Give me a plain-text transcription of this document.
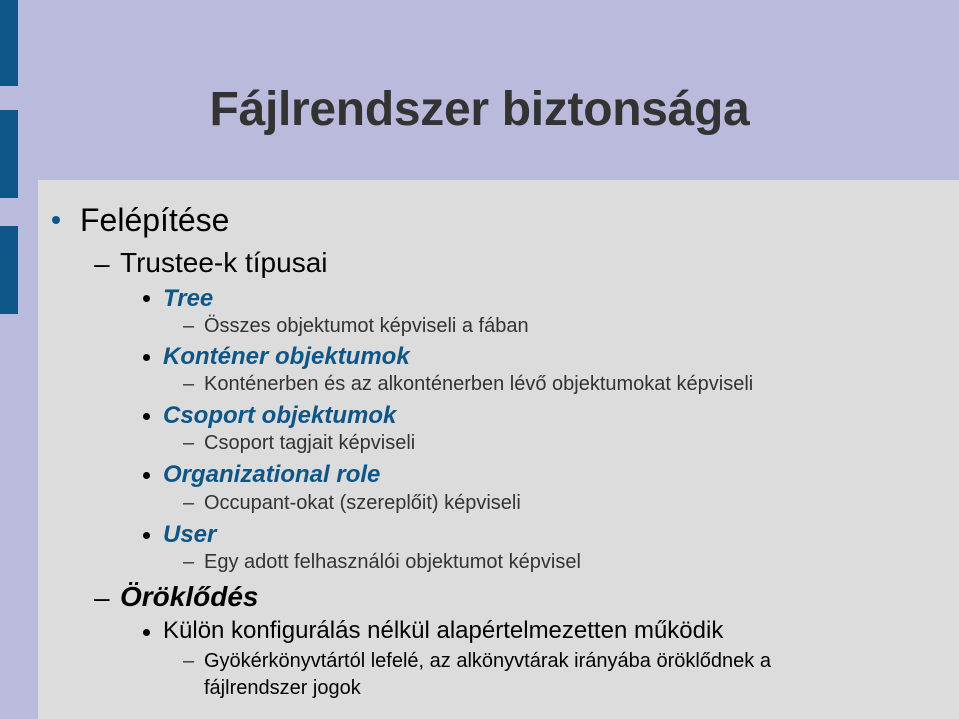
Fájlrendszer biztonsága
Felépítése
– Trustee-k típusai
Tree
– Összes objektumot képviseli a fában
Konténer objektumok
– Konténerben és az alkonténerben lévő objektumokat képviseli
Csoport objektumok
– Csoport tagjait képviseli
Organizational role
– Occupant-okat (szereplőit) képviseli
User
– Egy adott felhasználói objektumot képvisel
– Öröklődés
Külön konfigurálás nélkül alapértelmezetten működik
– Gyökérkönyvtártól lefelé, az alkönyvtárak irányába öröklődnek a
fájlrendszer jogok
